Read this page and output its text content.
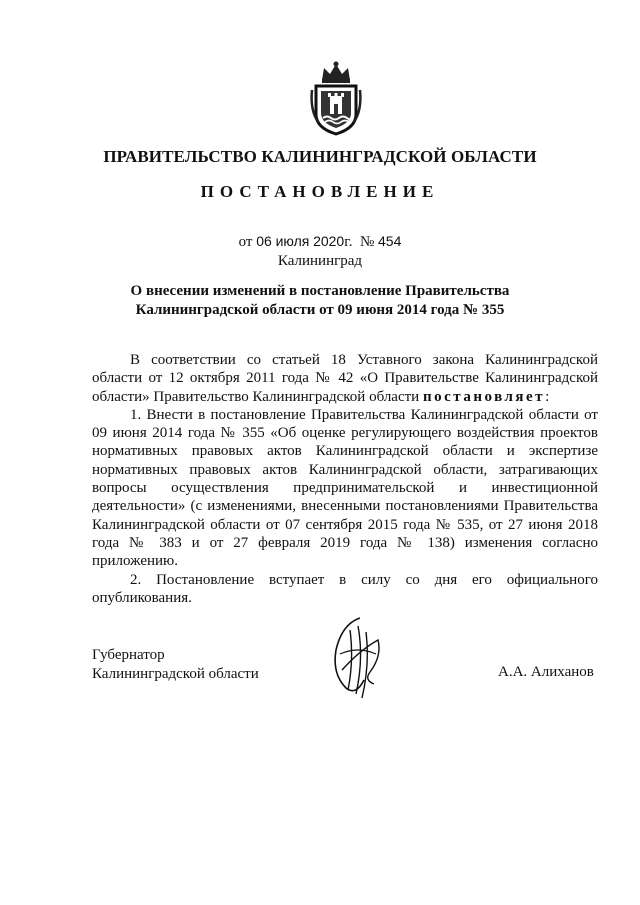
ПРАВИТЕЛЬСТВО КАЛИНИНГРАДСКОЙ ОБЛАСТИ
ПОСТАНОВЛЕНИЕ
от 06 июля 2020г. № 454
Калининград
О внесении изменений в постановление Правительства
Калининградской области от 09 июня 2014 года № 355

В соответствии со статьей 18 Уставного закона Калининградской области от 12 октября 2011 года № 42 «О Правительстве Калининградской области» Правительство Калининградской области постановляет:

1. Внести в постановление Правительства Калининградской области от 09 июня 2014 года № 355 «Об оценке регулирующего воздействия проектов нормативных правовых актов Калининградской области и экспертизе нормативных правовых актов Калининградской области, затрагивающих вопросы осуществления предпринимательской и инвестиционной деятельности» (с изменениями, внесенными постановлениями Правительства Калининградской области от 07 сентября 2015 года № 535, от 27 июня 2018 года № 383 и от 27 февраля 2019 года № 138) изменения согласно приложению.

2. Постановление вступает в силу со дня его официального опубликования.

Губернатор
Калининградской области	А.А. Алиханов
